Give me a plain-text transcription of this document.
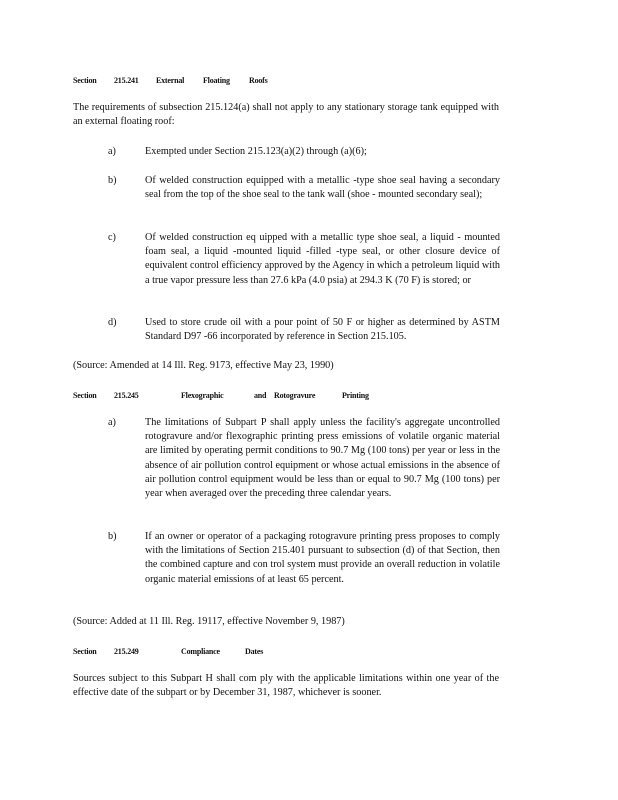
Section 215.241 External Floating Roofs
The requirements of subsection 215.124(a) shall not apply to any stationary storage tank equipped with an external floating roof:
a)	Exempted under Section 215.123(a)(2) through (a)(6);
b)	Of welded construction equipped with a metallic -type shoe seal having a secondary seal from the top of the shoe seal to the tank wall (shoe - mounted secondary seal);
c)	Of welded construction eq uipped with a metallic type shoe seal, a liquid - mounted foam seal, a liquid -mounted liquid -filled -type seal, or other closure device of equivalent control efficiency approved by the Agency in which a petroleum liquid with a true vapor pressure less than 27.6 kPa (4.0 psia) at 294.3 K (70 F) is stored; or
d)	Used to store crude oil with a pour point of 50 F or higher as determined by ASTM Standard D97 -66 incorporated by reference in Section 215.105.
(Source: Amended at 14 Ill. Reg. 9173, effective May 23, 1990)
Section 215.245	Flexographic	and Rotogravure	Printing
a)	The limitations of Subpart P shall apply unless the facility's aggregate uncontrolled rotogravure and/or flexographic printing press emissions of volatile organic material are limited by operating permit conditions to 90.7 Mg (100 tons) per year or less in the absence of air pollution control equipment or whose actual emissions in the absence of air pollution control equipment would be less than or equal to 90.7 Mg (100 tons) per year when averaged over the preceding three calendar years.
b)	If an owner or operator of a packaging rotogravure printing press proposes to comply with the limitations of Section 215.401 pursuant to subsection (d) of that Section, then the combined capture and con trol system must provide an overall reduction in volatile organic material emissions of at least 65 percent.
(Source: Added at 11 Ill. Reg. 19117, effective November 9, 1987)
Section 215.249	Compliance	Dates
Sources subject to this Subpart H shall com ply with the applicable limitations within one year of the effective date of the subpart or by December 31, 1987, whichever is sooner.
